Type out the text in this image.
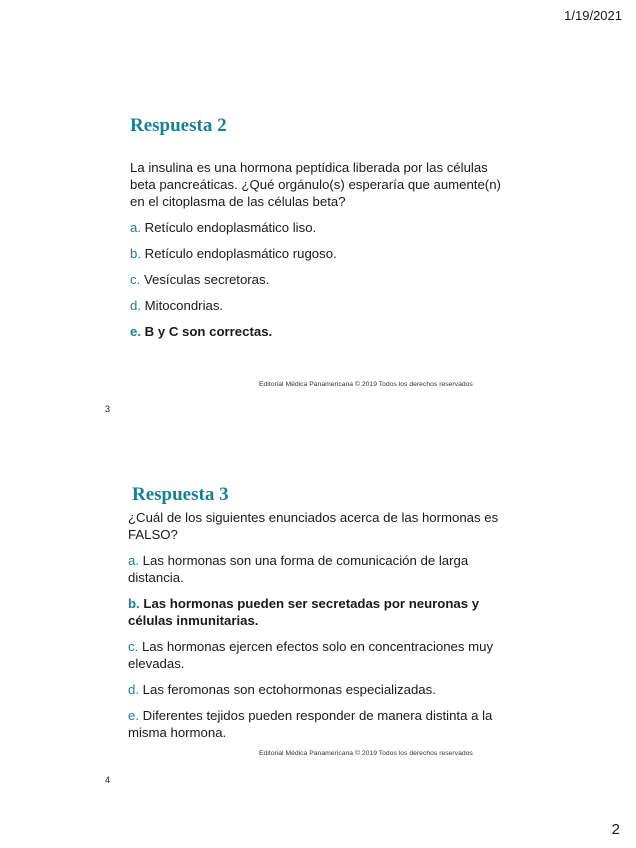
1/19/2021
Respuesta 2

La insulina es una hormona peptídica liberada por las células beta pancreáticas. ¿Qué orgánulo(s) esperaría que aumente(n) en el citoplasma de las células beta?

a. Retículo endoplasmático liso.

b. Retículo endoplasmático rugoso.

c. Vesículas secretoras.

d. Mitocondrias.

e. B y C son correctas.

Editorial Médica Panamericana © 2019 Todos los derechos reservados
3
Respuesta 3

¿Cuál de los siguientes enunciados acerca de las hormonas es FALSO?

a. Las hormonas son una forma de comunicación de larga distancia.

b. Las hormonas pueden ser secretadas por neuronas y células inmunitarias.

c. Las hormonas ejercen efectos solo en concentraciones muy elevadas.

d. Las feromonas son ectohormonas especializadas.

e. Diferentes tejidos pueden responder de manera distinta a la misma hormona.

Editorial Médica Panamericana © 2019 Todos los derechos reservados
4
2
